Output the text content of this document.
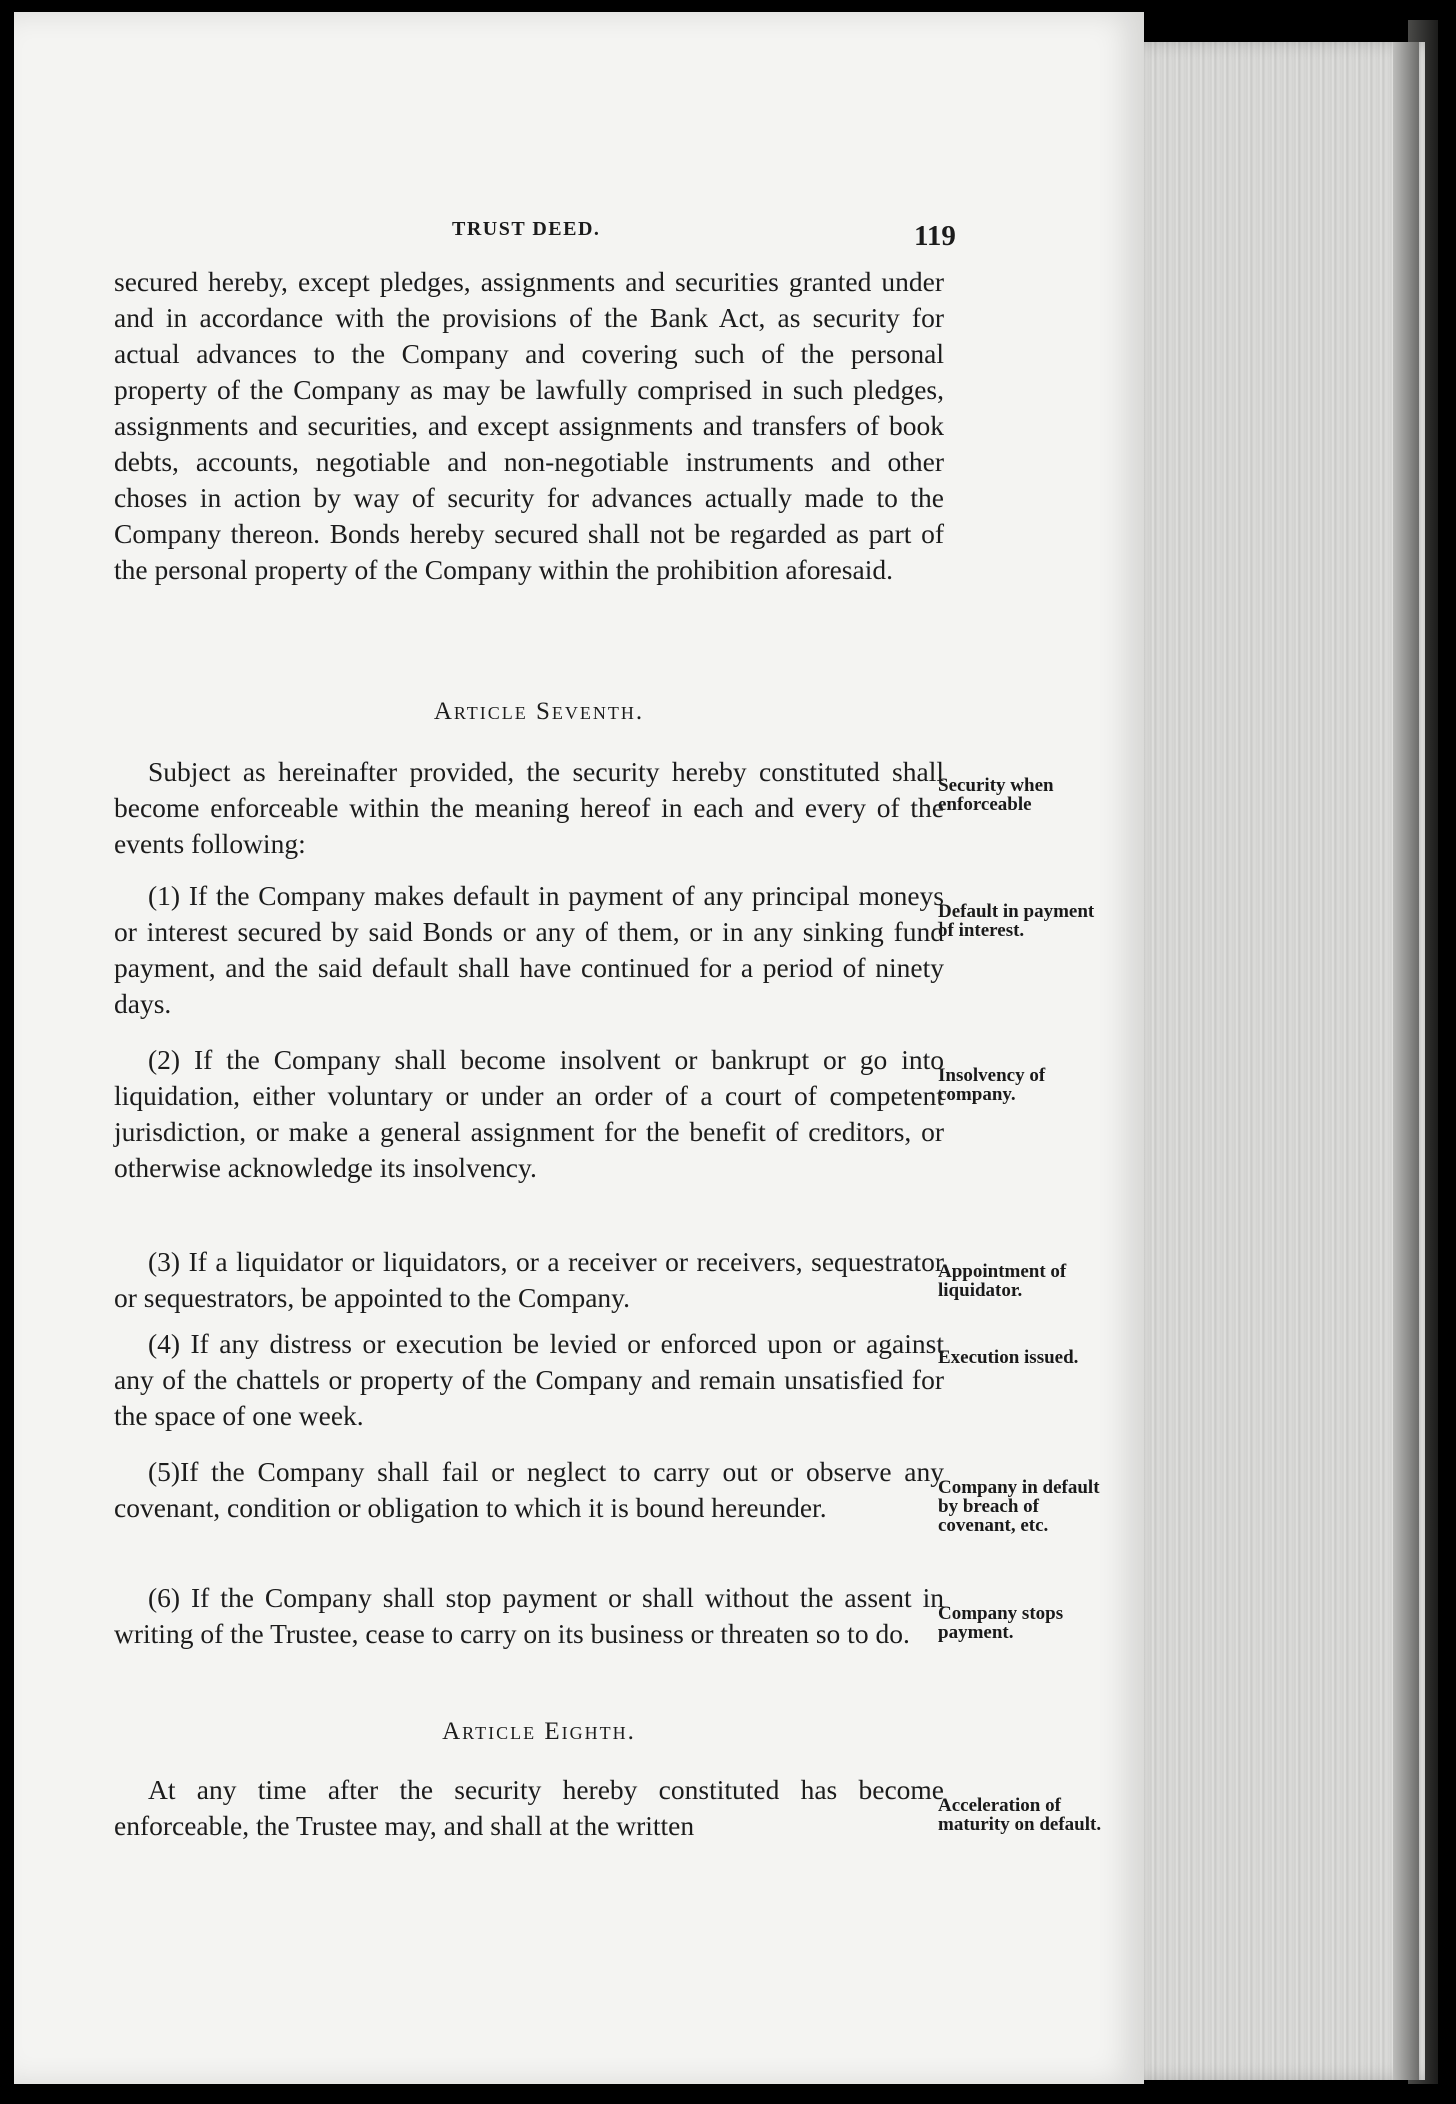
TRUST DEED.	119
secured hereby, except pledges, assignments and securities granted under and in accordance with the provisions of the Bank Act, as security for actual advances to the Company and covering such of the personal property of the Company as may be lawfully comprised in such pledges, assignments and securities, and except assignments and transfers of book debts, accounts, negotiable and non-negotiable instruments and other choses in action by way of security for advances actually made to the Company thereon. Bonds hereby secured shall not be regarded as part of the personal property of the Company within the prohibition aforesaid.
Article Seventh.
Subject as hereinafter provided, the security hereby constituted shall become enforceable within the meaning hereof in each and every of the events following:
Security when enforceable
(1) If the Company makes default in payment of any principal moneys or interest secured by said Bonds or any of them, or in any sinking fund payment, and the said default shall have continued for a period of ninety days.
Default in payment of interest.
(2) If the Company shall become insolvent or bankrupt or go into liquidation, either voluntary or under an order of a court of competent jurisdiction, or make a general assignment for the benefit of creditors, or otherwise acknowledge its insolvency.
Insolvency of company.
(3) If a liquidator or liquidators, or a receiver or receivers, sequestrator or sequestrators, be appointed to the Company.
Appointment of liquidator.
(4) If any distress or execution be levied or enforced upon or against any of the chattels or property of the Company and remain unsatisfied for the space of one week.
Execution issued.
(5)If the Company shall fail or neglect to carry out or observe any covenant, condition or obligation to which it is bound hereunder.
Company in default by breach of covenant, etc.
(6) If the Company shall stop payment or shall without the assent in writing of the Trustee, cease to carry on its business or threaten so to do.
Company stops payment.
Article Eighth.
At any time after the security hereby constituted has become enforceable, the Trustee may, and shall at the written
Acceleration of maturity on default.
